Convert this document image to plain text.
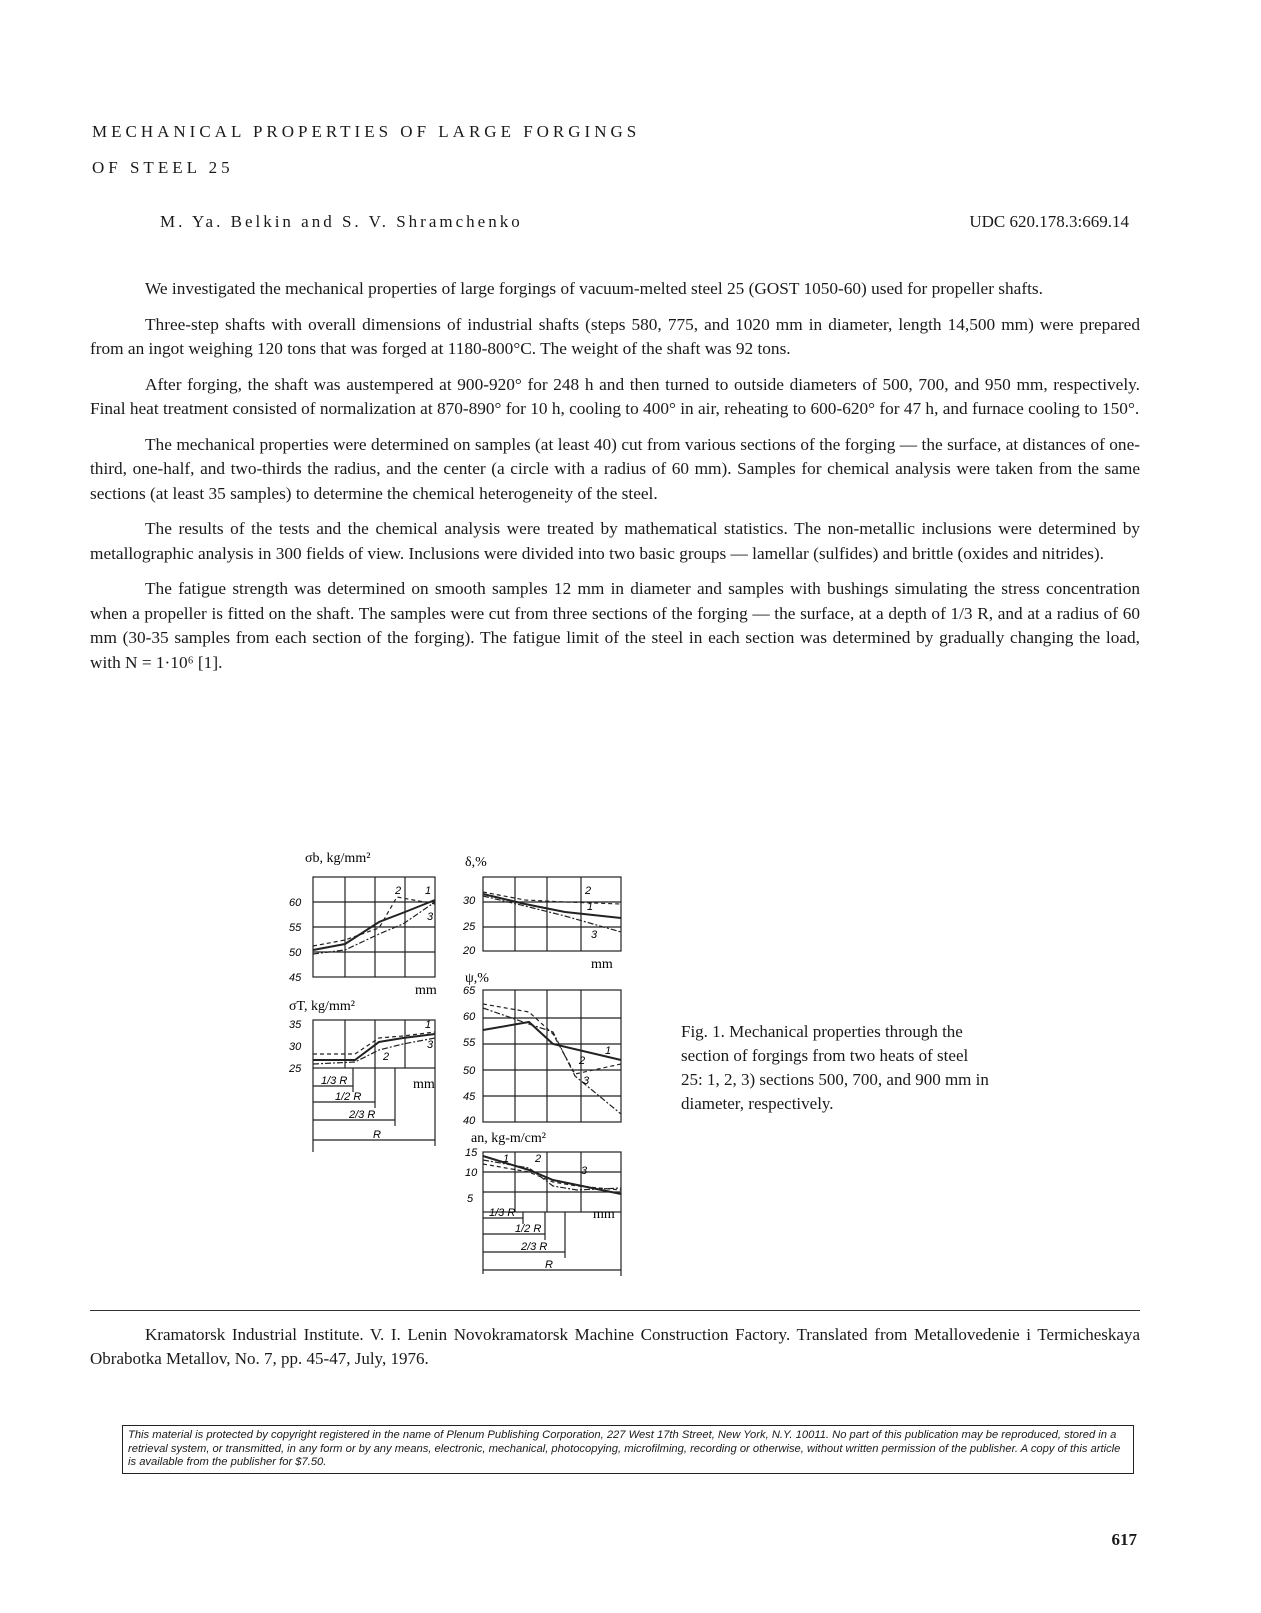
MECHANICAL PROPERTIES OF LARGE FORGINGS
OF STEEL 25
M. Ya. Belkin and S. V. Shramchenko	UDC 620.178.3:669.14

We investigated the mechanical properties of large forgings of vacuum-melted steel 25 (GOST 1050-60) used for propeller shafts.

Three-step shafts with overall dimensions of industrial shafts (steps 580, 775, and 1020 mm in diameter, length 14,500 mm) were prepared from an ingot weighing 120 tons that was forged at 1180-800°C. The weight of the shaft was 92 tons.

After forging, the shaft was austempered at 900-920° for 248 h and then turned to outside diameters of 500, 700, and 950 mm, respectively. Final heat treatment consisted of normalization at 870-890° for 10 h, cooling to 400° in air, reheating to 600-620° for 47 h, and furnace cooling to 150°.

The mechanical properties were determined on samples (at least 40) cut from various sections of the forging — the surface, at distances of one-third, one-half, and two-thirds the radius, and the center (a circle with a radius of 60 mm). Samples for chemical analysis were taken from the same sections (at least 35 samples) to determine the chemical heterogeneity of the steel.

The results of the tests and the chemical analysis were treated by mathematical statistics. The non-metallic inclusions were determined by metallographic analysis in 300 fields of view. Inclusions were divided into two basic groups — lamellar (sulfides) and brittle (oxides and nitrides).

The fatigue strength was determined on smooth samples 12 mm in diameter and samples with bushings simulating the stress concentration when a propeller is fitted on the shaft. The samples were cut from three sections of the forging — the surface, at a depth of 1/3 R, and at a radius of 60 mm (30-35 samples from each section of the forging). The fatigue limit of the steel in each section was determined by gradually changing the load, with N = 1·10⁶ [1].

σb, kg/mm²
60
55
50
45
mm
σT, kg/mm²
35
30
25
mm
1/3 R
1/2 R
2/3 R
R
2 1
3
1
2
3
δ,%
30
25
20
mm
2
1
3
ψ,%
65
60
55
50
45
40
1
2
3
an, kg-m/cm²
15
10
5
1 2
3
mm
1/3 R
1/2 R
2/3 R
R
Fig. 1. Mechanical properties through the section of forgings from two heats of steel 25: 1, 2, 3) sections 500, 700, and 900 mm in diameter, respectively.
Kramatorsk Industrial Institute. V. I. Lenin Novokramatorsk Machine Construction Factory. Translated from Metallovedenie i Termicheskaya Obrabotka Metallov, No. 7, pp. 45-47, July, 1976.
This material is protected by copyright registered in the name of Plenum Publishing Corporation, 227 West 17th Street, New York, N.Y. 10011. No part of this publication may be reproduced, stored in a retrieval system, or transmitted, in any form or by any means, electronic, mechanical, photocopying, microfilming, recording or otherwise, without written permission of the publisher. A copy of this article is available from the publisher for $7.50.
617
